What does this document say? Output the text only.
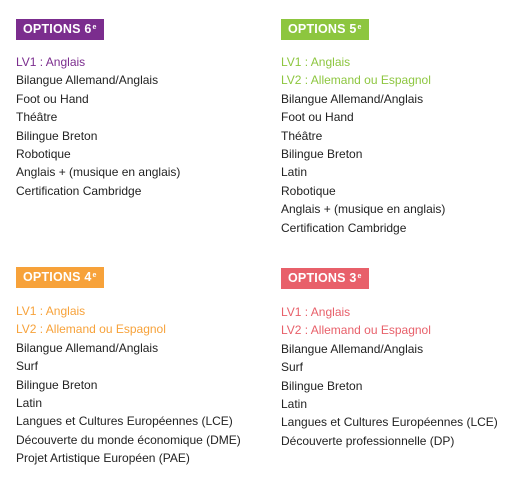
OPTIONS 6e
LV1 : Anglais
Bilangue Allemand/Anglais
Foot ou Hand
Théâtre
Bilingue Breton
Robotique
Anglais + (musique en anglais)
Certification Cambridge
OPTIONS 5e
LV1 : Anglais
LV2 : Allemand ou Espagnol
Bilangue Allemand/Anglais
Foot ou Hand
Théâtre
Bilingue Breton
Latin
Robotique
Anglais + (musique en anglais)
Certification Cambridge
OPTIONS 4e
LV1 : Anglais
LV2 : Allemand ou Espagnol
Bilangue Allemand/Anglais
Surf
Bilingue Breton
Latin
Langues et Cultures Européennes (LCE)
Découverte du monde économique (DME)
Projet Artistique Européen (PAE)
OPTIONS 3e
LV1 : Anglais
LV2 : Allemand ou Espagnol
Bilangue Allemand/Anglais
Surf
Bilingue Breton
Latin
Langues et Cultures Européennes (LCE)
Découverte professionnelle (DP)
